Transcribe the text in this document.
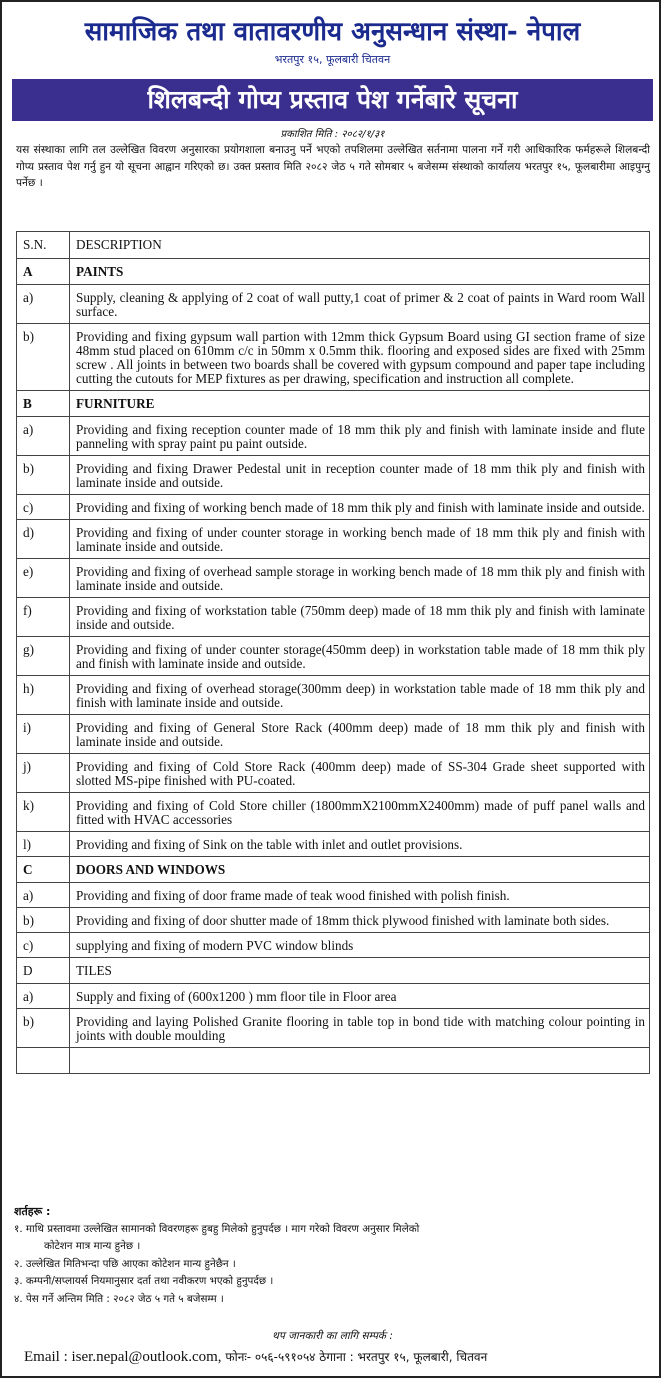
सामाजिक तथा वातावरणीय अनुसन्धान संस्था- नेपाल
भरतपुर १५, फूलबारी चितवन
शिलबन्दी गोप्य प्रस्ताव पेश गर्नेबारे सूचना
प्रकाशित मिति : २०८२/१/३१
यस संस्थाका लागि तल उल्लेखित विवरण अनुसारका प्रयोगशाला बनाउनु पर्ने भएको तपशिलमा उल्लेखित सर्तनामा पालना गर्ने गरी आधिकारिक फर्महरूले शिलबन्दी गोप्य प्रस्ताव पेश गर्नु हुन यो सूचना आह्वान गरिएको छ। उक्त प्रस्ताव मिति २०८२ जेठ ५ गते सोमबार ५ बजेसम्म संस्थाको कार्यालय भरतपुर १५, फूलबारीमा आइपुग्नु पर्नेछ ।
S.N.	DESCRIPTION
A	PAINTS
a)	Supply, cleaning & applying of 2 coat of wall putty,1 coat of primer & 2 coat of paints in Ward room Wall surface.
b)	Providing and fixing gypsum wall partion with 12mm thick Gypsum Board using GI section frame of size 48mm stud placed on 610mm c/c in 50mm x 0.5mm thik. flooring and exposed sides are fixed with 25mm screw . All joints in between two boards shall be covered with gypsum compound and paper tape including cutting the cutouts for MEP fixtures as per drawing, specification and instruction all complete.
B	FURNITURE
a)	Providing and fixing reception counter made of 18 mm thik ply and finish with laminate inside and flute panneling with spray paint pu paint outside.
b)	Providing and fixing Drawer Pedestal unit in reception counter made of 18 mm thik ply and finish with laminate inside and outside.
c)	Providing and fixing of working bench made of 18 mm thik ply and finish with laminate inside and outside.
d)	Providing and fixing of under counter storage in working bench made of 18 mm thik ply and finish with laminate inside and outside.
e)	Providing and fixing of overhead sample storage in working bench made of 18 mm thik ply and finish with laminate inside and outside.
f)	Providing and fixing of workstation table (750mm deep) made of 18 mm thik ply and finish with laminate inside and outside.
g)	Providing and fixing of under counter storage(450mm deep) in workstation table made of 18 mm thik ply and finish with laminate inside and outside.
h)	Providing and fixing of overhead storage(300mm deep) in workstation table made of 18 mm thik ply and finish with laminate inside and outside.
i)	Providing and fixing of General Store Rack (400mm deep) made of 18 mm thik ply and finish with laminate inside and outside.
j)	Providing and fixing of Cold Store Rack (400mm deep) made of SS-304 Grade sheet supported with slotted MS-pipe finished with PU-coated.
k)	Providing and fixing of Cold Store chiller (1800mmX2100mmX2400mm) made of puff panel walls and fitted with HVAC accessories
l)	Providing and fixing of Sink on the table with inlet and outlet provisions.
C	DOORS AND WINDOWS
a)	Providing and fixing of door frame made of teak wood finished with polish finish.
b)	Providing and fixing of door shutter made of 18mm thick plywood finished with laminate both sides.
c)	supplying and fixing of modern PVC window blinds
D	TILES
a)	Supply and fixing of (600x1200 ) mm floor tile in Floor area
b)	Providing and laying Polished Granite flooring in table top in bond tide with matching colour pointing in joints with double moulding

शर्तहरू :
१. माथि प्रस्तावमा उल्लेखित सामानको विवरणहरू हुबहु मिलेको हुनुपर्दछ । माग गरेको विवरण अनुसार मिलेको
कोटेशन मात्र मान्य हुनेछ ।
२. उल्लेखित मितिभन्दा पछि आएका कोटेशन मान्य हुनेछैन ।
३. कम्पनी/सप्लायर्स नियमानुसार दर्ता तथा नवीकरण भएको हुनुपर्दछ ।
४. पेस गर्ने अन्तिम मिति : २०८२ जेठ ५ गते ५ बजेसम्म ।
थप जानकारी का लागि सम्पर्क :
Email : iser.nepal@outlook.com, फोनः- ०५६-५९१०५४ ठेगाना : भरतपुर १५, फूलबारी, चितवन
